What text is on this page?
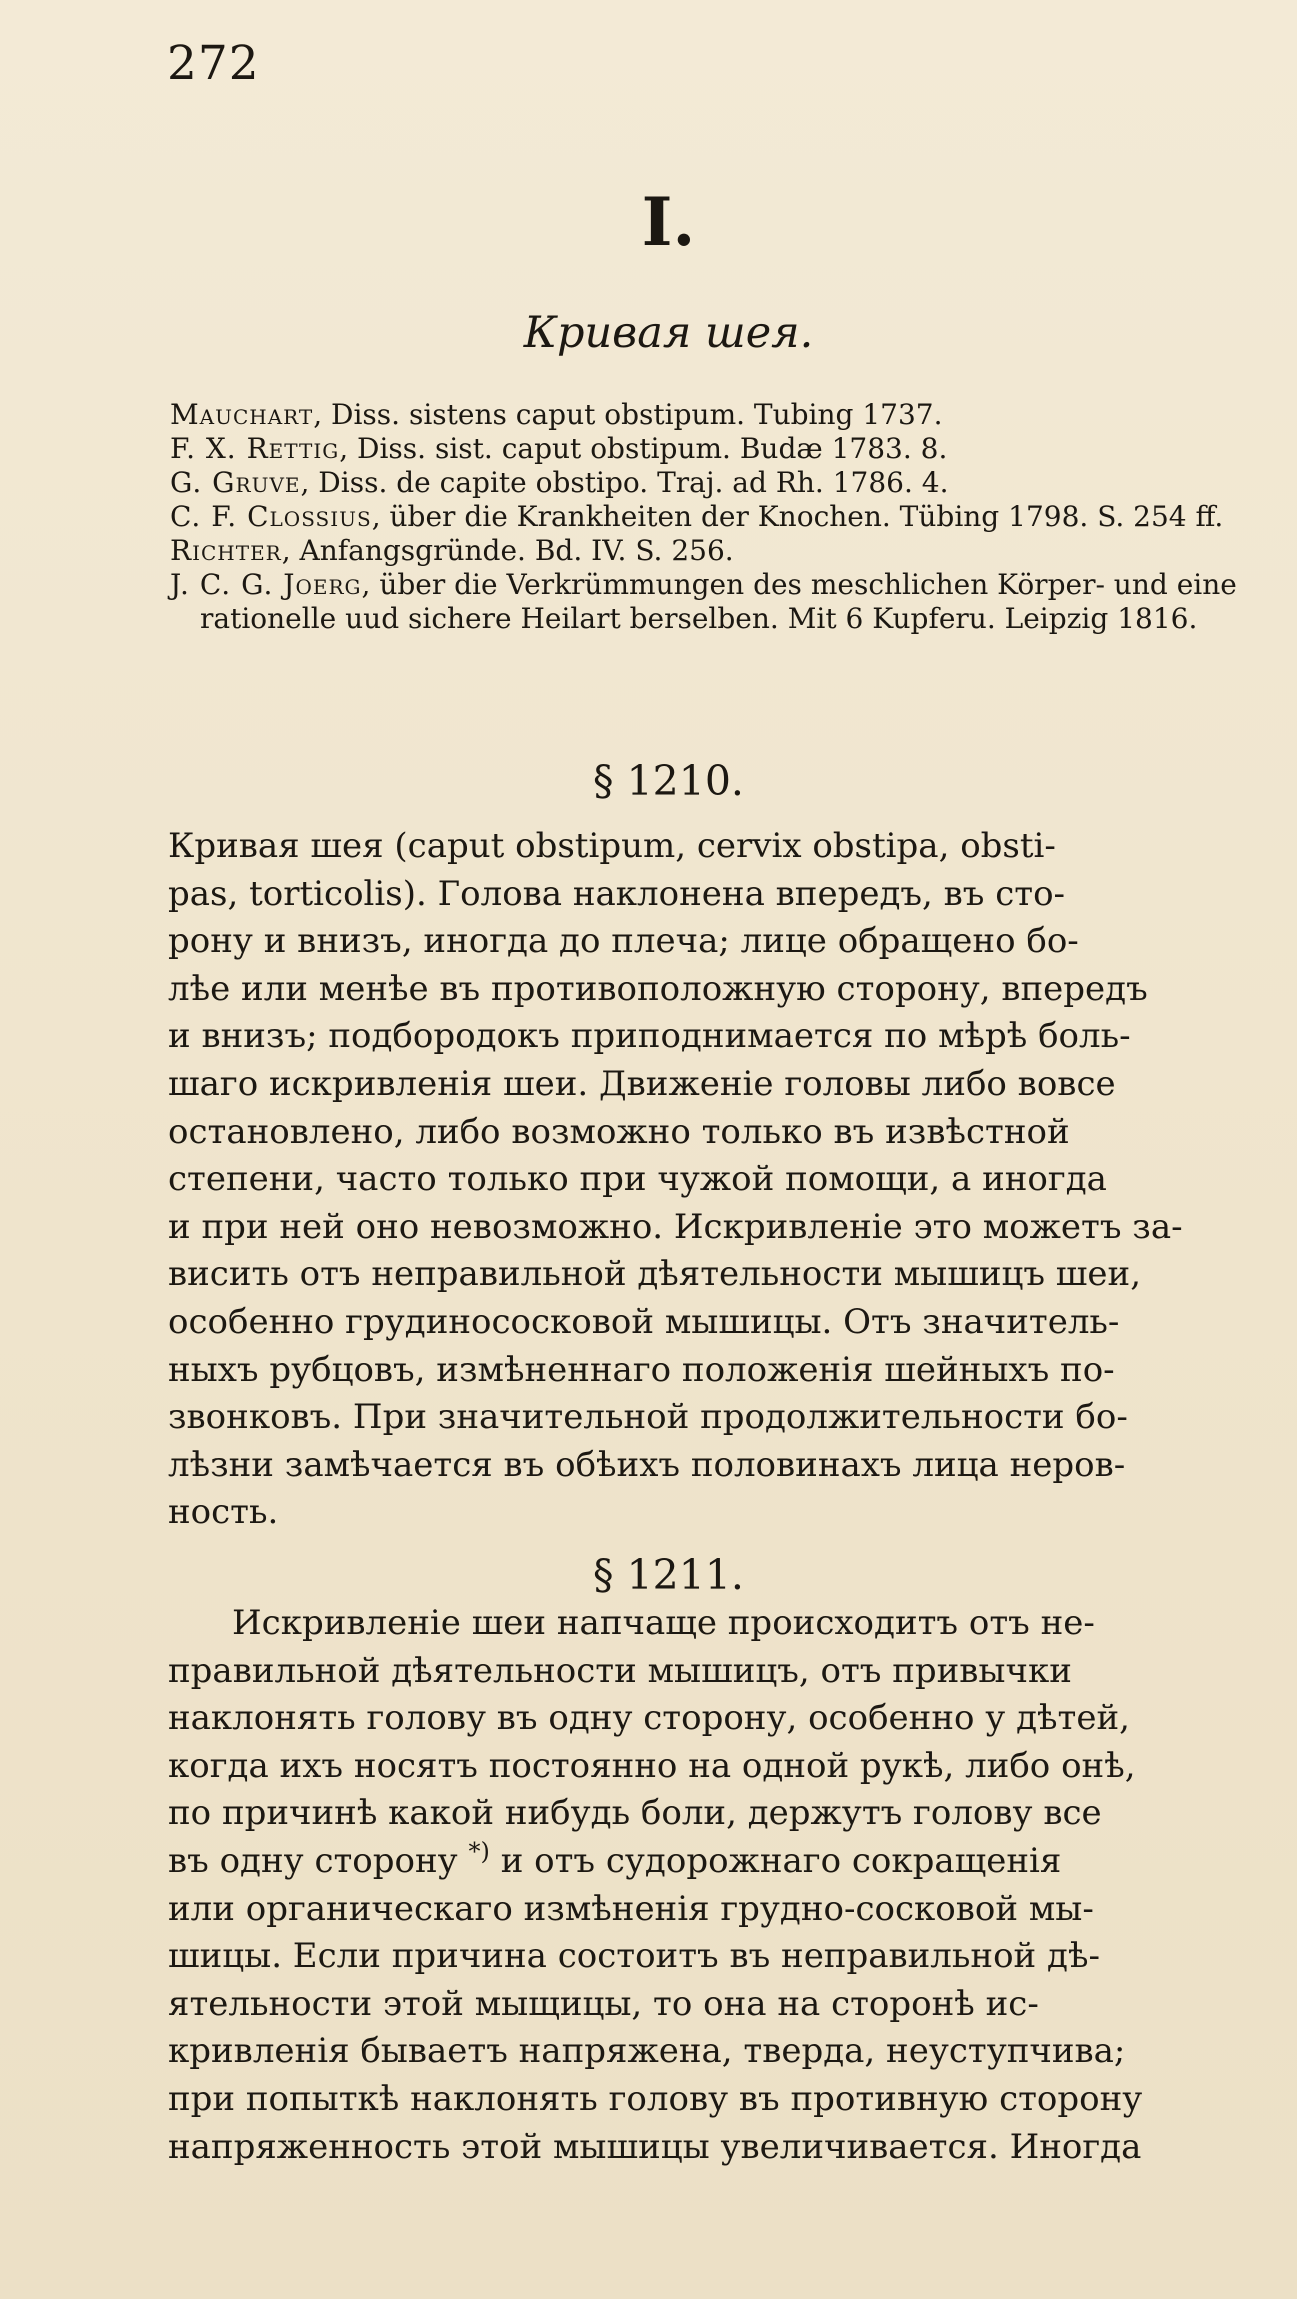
272
I.
Кривая шея.
Mauchart, Diss. sistens caput obstipum. Tubing 1737.
F. X. Rettig, Diss. sist. caput obstipum. Budæ 1783. 8.
G. Gruve, Diss. de capite obstipo. Traj. ad Rh. 1786. 4.
C. F. Clossius, über die Krankheiten der Knochen. Tübing 1798. S. 254 ff.
Richter, Anfangsgründe. Bd. IV. S. 256.
J. C. G. Joerg, über die Verkrümmungen des meschlichen Körper- und eine rationelle uud sichere Heilart berselben. Mit 6 Kupferu. Leipzig 1816.
§ 1210.
Кривая шея (caput obstipum, cervix obstipa, obsti-
pas, torticolis). Голова наклонена впередъ, въ сто-
рону и внизъ, иногда до плеча; лице обращено бо-
лѣе или менѣе въ противоположную сторону, впередъ
и внизъ; подбородокъ приподнимается по мѣрѣ боль-
шаго искривленія шеи. Движеніе головы либо вовсе
остановлено, либо возможно только въ извѣстной
степени, часто только при чужой помощи, а иногда
и при ней оно невозможно. Искривленіе это можетъ за-
висить отъ неправильной дѣятельности мышицъ шеи,
особенно грудиноcосковой мышицы. Отъ значитель-
ныхъ рубцовъ, измѣненнаго положенія шейныхъ по-
звонковъ. При значительной продолжительности бо-
лѣзни замѣчается въ обѣихъ половинахъ лица неров-
ность.
§ 1211.
Искривленіе шеи напчаще происходитъ отъ не-
правильной дѣятельности мышицъ, отъ привычки
наклонять голову въ одну сторону, особенно у дѣтей,
когда ихъ носятъ постоянно на одной рукѣ, либо онѣ,
по причинѣ какой нибудь боли, держутъ голову все
въ одну сторону *) и отъ судорожнаго сокращенія
или органическаго измѣненія грудно-сосковой мы-
шицы. Если причина состоитъ въ неправильной дѣ-
ятельности этой мыщицы, то она на сторонѣ ис-
кривленія бываетъ напряжена, тверда, неуступчива;
при попыткѣ наклонять голову въ противную сторону
напряженность этой мышицы увеличивается. Иногда
